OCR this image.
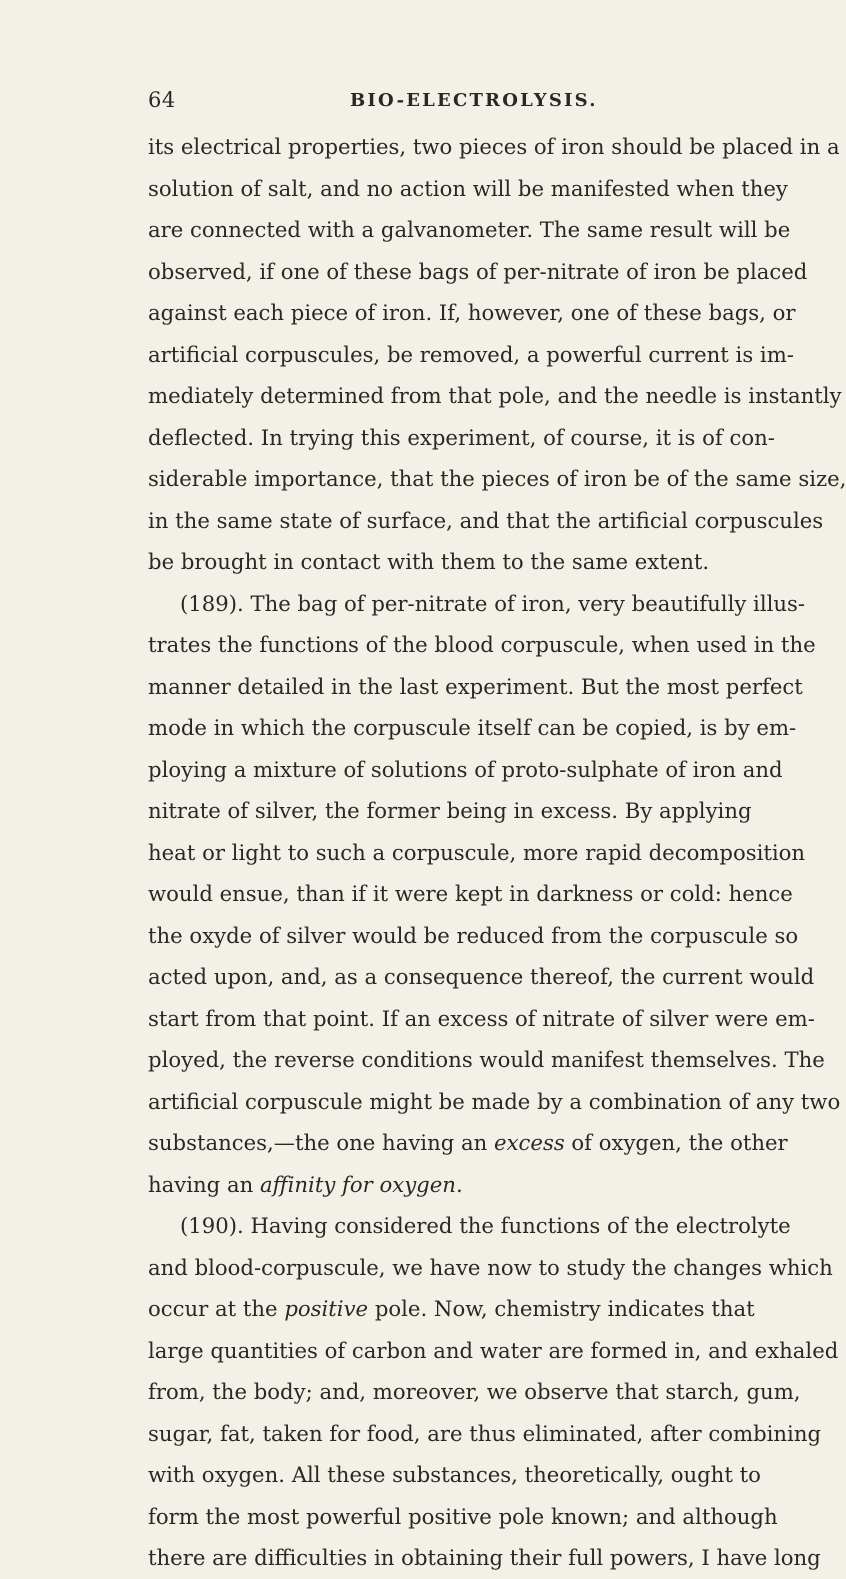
64	BIO-ELECTROLYSIS.
its electrical properties, two pieces of iron should be placed in a
solution of salt, and no action will be manifested when they
are connected with a galvanometer. The same result will be
observed, if one of these bags of per-nitrate of iron be placed
against each piece of iron. If, however, one of these bags, or
artificial corpuscules, be removed, a powerful current is im-
mediately determined from that pole, and the needle is instantly
deflected. In trying this experiment, of course, it is of con-
siderable importance, that the pieces of iron be of the same size,
in the same state of surface, and that the artificial corpuscules
be brought in contact with them to the same extent.
(189). The bag of per-nitrate of iron, very beautifully illus-
trates the functions of the blood corpuscule, when used in the
manner detailed in the last experiment. But the most perfect
mode in which the corpuscule itself can be copied, is by em-
ploying a mixture of solutions of proto-sulphate of iron and
nitrate of silver, the former being in excess. By applying
heat or light to such a corpuscule, more rapid decomposition
would ensue, than if it were kept in darkness or cold: hence
the oxyde of silver would be reduced from the corpuscule so
acted upon, and, as a consequence thereof, the current would
start from that point. If an excess of nitrate of silver were em-
ployed, the reverse conditions would manifest themselves. The
artificial corpuscule might be made by a combination of any two
substances,—the one having an excess of oxygen, the other
having an affinity for oxygen.
(190). Having considered the functions of the electrolyte
and blood-corpuscule, we have now to study the changes which
occur at the positive pole. Now, chemistry indicates that
large quantities of carbon and water are formed in, and exhaled
from, the body; and, moreover, we observe that starch, gum,
sugar, fat, taken for food, are thus eliminated, after combining
with oxygen. All these substances, theoretically, ought to
form the most powerful positive pole known; and although
there are difficulties in obtaining their full powers, I have long
